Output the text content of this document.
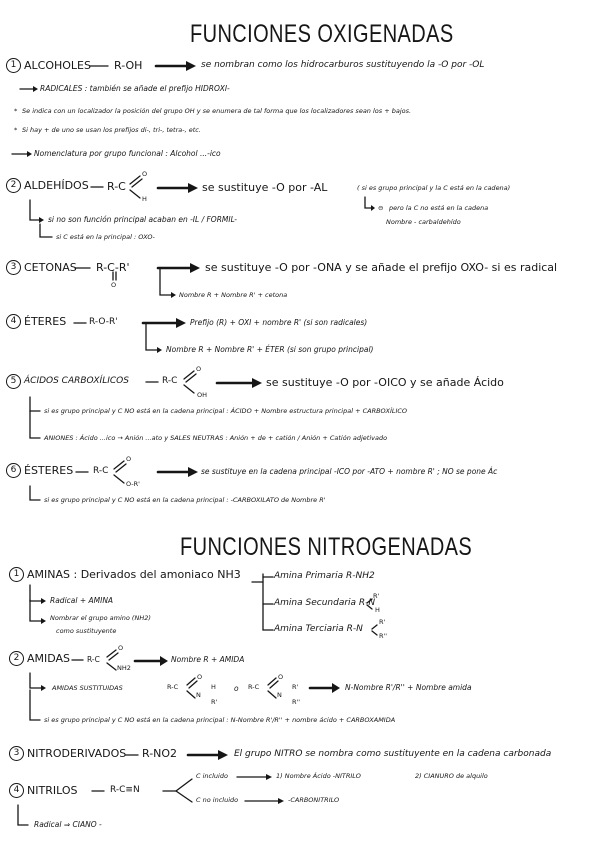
FUNCIONES OXIGENADAS
1 ALCOHOLES R-OH	se nombran como los hidrocarburos sustituyendo la -O por -OL
RADICALES : también se añade el prefijo HIDROXI-
* Se indica con un localizador la posición del grupo OH y se enumera de tal forma que los localizadores sean los + bajos.
* Si hay + de uno se usan los prefijos di-, tri-, tetra-, etc.
Nomenclatura por grupo funcional : Alcohol ...-ico
2 ALDEHÍDOS R-C
O
H
se sustituye -O por -AL	( si es grupo principal y la C está en la cadena)
si no son función principal acaban en -IL / FORMIL-
si C está en la principal : OXO-
⊖ pero la C no está en la cadena
Nombre - carbaldehído
3 CETONAS R-C-R'
O
se sustituye -O por -ONA y se añade el prefijo OXO- si es radical
Nombre R + Nombre R' + cetona
4 ÉTERES	R-O-R'	Prefijo (R) + OXI + nombre R' (si son radicales)
Nombre R + Nombre R' + ÉTER (si son grupo principal)
5 ÁCIDOS CARBOXÍLICOS	R-C
O
OH
se sustituye -O por -OICO y se añade Ácido
si es grupo principal y C NO está en la cadena principal : ÁCIDO + Nombre estructura principal + CARBOXÍLICO
ANIONES : Ácido ...ico → Anión ...ato y SALES NEUTRAS : Anión + de + catión / Anión + Catión adjetivado
6 ÉSTERES R-C
O
O-R'
se sustituye en la cadena principal -ICO por -ATO + nombre R' ; NO se pone Ác
si es grupo principal y C NO está en la cadena principal : -CARBOXILATO de Nombre R'
FUNCIONES NITROGENADAS
1 AMINAS : Derivados del amoniaco NH3
Radical + AMINA
Nombrar el grupo amino (NH2)
como sustituyente
Amina Primaria R-NH2
Amina Secundaria R-N
R'
H
Amina Terciaria R-N
R'
R''
2 AMIDAS R-C
O
NH2
Nombre R + AMIDA
AMIDAS SUSTITUIDAS	R-C
O
N
H
R'
o R-C
O
N
R'
R''
N-Nombre R'/R'' + Nombre amida
si es grupo principal y C NO está en la cadena principal : N-Nombre R'/R'' + nombre ácido + CARBOXAMIDA
3 NITRODERIVADOS R-NO2	El grupo NITRO se nombra como sustituyente en la cadena carbonada
4 NITRILOS	R-C≡N
C incluido	1) Nombre Ácido -NITRILO	2) CIANURO de alquilo
C no incluido	-CARBONITRILO
Radical ⇒ CIANO -
